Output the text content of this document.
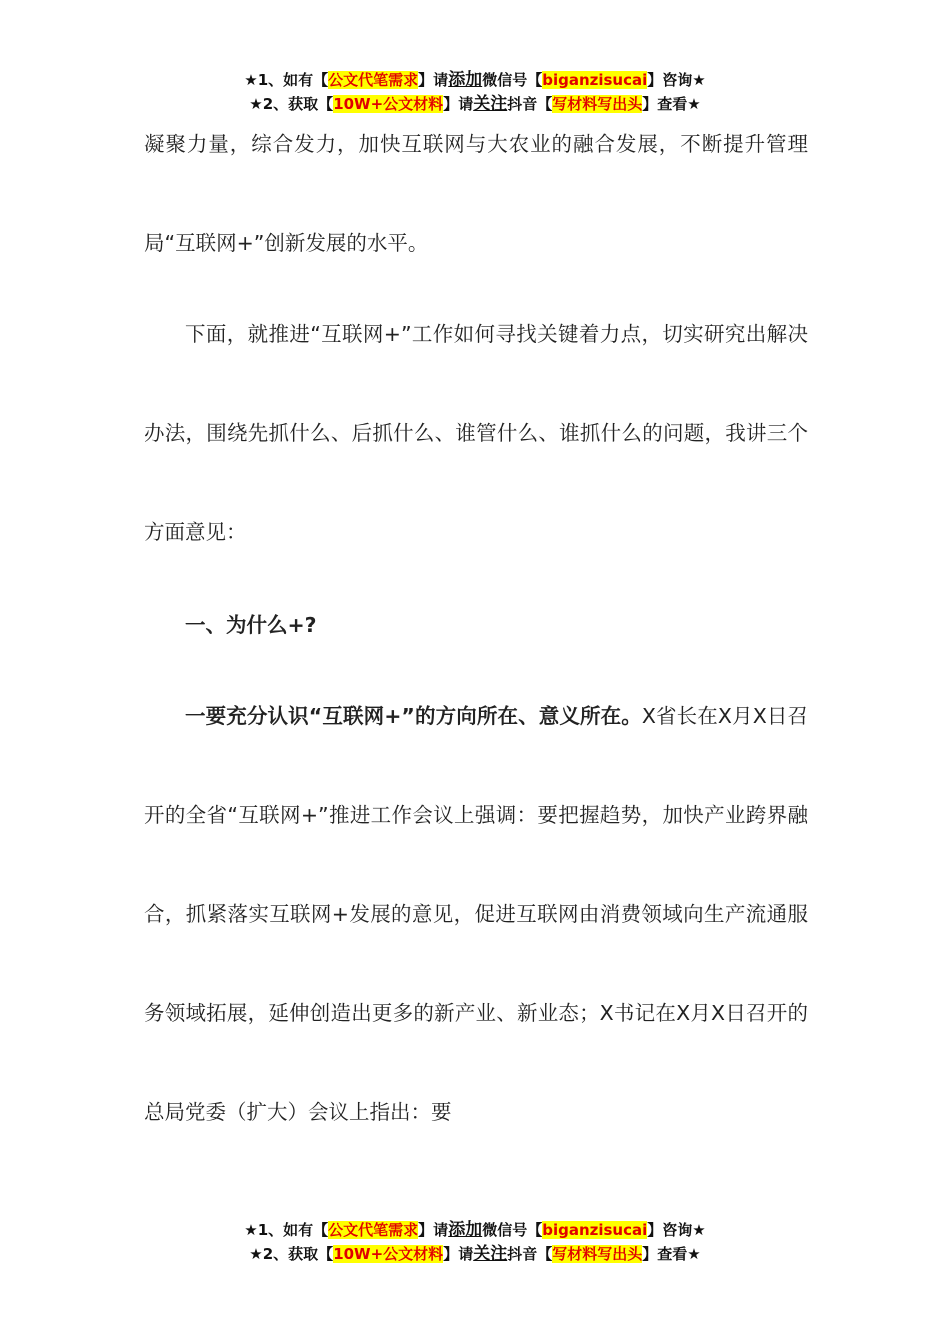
★1、如有【公文代笔需求】请添加微信号【biganzisucai】咨询★
★2、获取【10W+公文材料】请关注抖音【写材料写出头】查看★

凝聚力量，综合发力，加快互联网与大农业的融合发展，不断提升管理局“互联网+”创新发展的水平。

下面，就推进“互联网+”工作如何寻找关键着力点，切实研究出解决办法，围绕先抓什么、后抓什么、谁管什么、谁抓什么的问题，我讲三个方面意见：

一、为什么+?

一要充分认识“互联网+”的方向所在、意义所在。X省长在X月X日召开的全省“互联网+”推进工作会议上强调：要把握趋势，加快产业跨界融合，抓紧落实互联网+发展的意见，促进互联网由消费领域向生产流通服务领域拓展，延伸创造出更多的新产业、新业态；X书记在X月X日召开的总局党委（扩大）会议上指出：要

★1、如有【公文代笔需求】请添加微信号【biganzisucai】咨询★
★2、获取【10W+公文材料】请关注抖音【写材料写出头】查看★
